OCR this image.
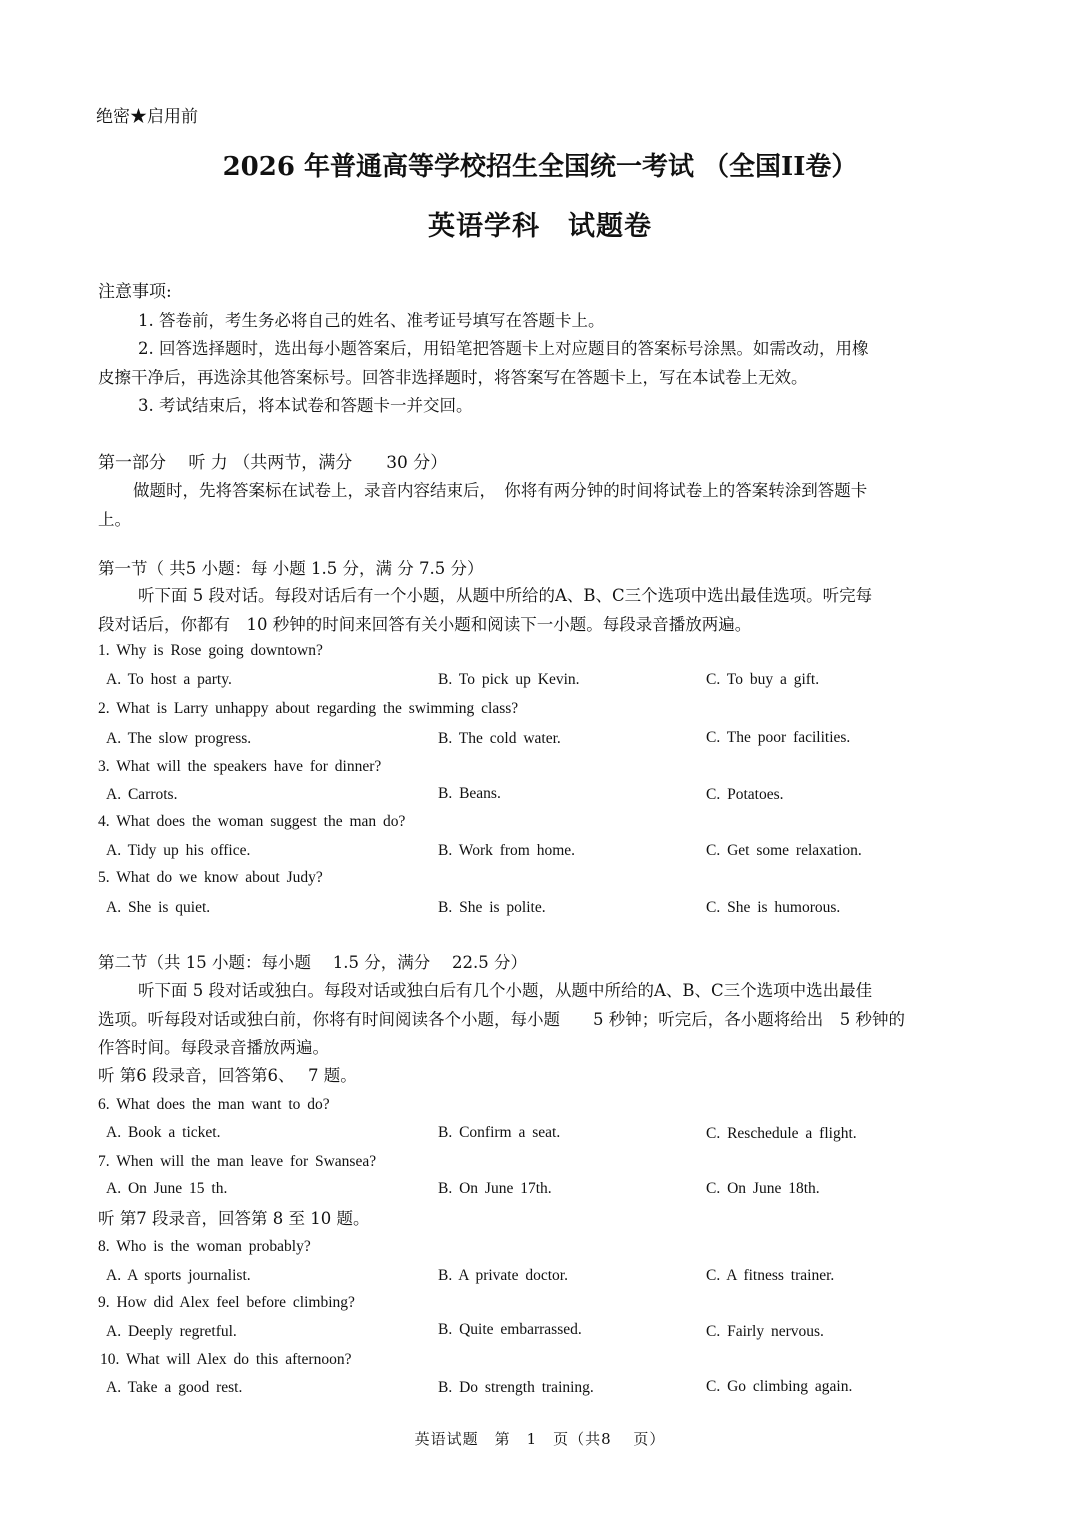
绝密★启用前
2026 年普通高等学校招生全国统一考试 （全国II卷）
英语学科　试题卷
注意事项:
1. 答卷前，考生务必将自己的姓名、准考证号填写在答题卡上。
2. 回答选择题时，选出每小题答案后，用铅笔把答题卡上对应题目的答案标号涂黑。如需改动，用橡
皮擦干净后，再选涂其他答案标号。回答非选择题时，将答案写在答题卡上，写在本试卷上无效。
3. 考试结束后，将本试卷和答题卡一并交回。
第一部分　 听 力 （共两节，满分　　30 分）
做题时，先将答案标在试卷上，录音内容结束后，　你将有两分钟的时间将试卷上的答案转涂到答题卡
上。
第一节（ 共5 小题：每 小题 1.5 分，满 分 7.5 分）
听下面 5 段对话。每段对话后有一个小题，从题中所给的A、B、C三个选项中选出最佳选项。听完每
段对话后，你都有　10 秒钟的时间来回答有关小题和阅读下一小题。每段录音播放两遍。
1. Why is Rose going downtown?
A. To host a party.	B. To pick up Kevin.	C. To buy a gift.
2. What is Larry unhappy about regarding the swimming class?
A. The slow progress.	B. The cold water.	C. The poor facilities.
3. What will the speakers have for dinner?
A. Carrots.	B. Beans.	C. Potatoes.
4. What does the woman suggest the man do?
A. Tidy up his office.	B. Work from home.	C. Get some relaxation.
5. What do we know about Judy?
A. She is quiet.	B. She is polite.	C. She is humorous.
第二节（共 15 小题：每小题　 1.5 分，满分　 22.5 分）
听下面 5 段对话或独白。每段对话或独白后有几个小题，从题中所给的A、B、C三个选项中选出最佳
选项。听每段对话或独白前，你将有时间阅读各个小题，每小题　　5 秒钟；听完后，各小题将给出　5 秒钟的
作答时间。每段录音播放两遍。
听 第6 段录音，回答第6、　 7 题。
6. What does the man want to do?
A. Book a ticket.	B. Confirm a seat.	C. Reschedule a flight.
7. When will the man leave for Swansea?
A. On June 15 th.	B. On June 17th.	C. On June 18th.
听 第7 段录音，回答第 8 至 10 题。
8. Who is the woman probably?
A. A sports journalist.	B. A private doctor.	C. A fitness trainer.
9. How did Alex feel before climbing?
A. Deeply regretful.	B. Quite embarrassed.	C. Fairly nervous.
10. What will Alex do this afternoon?
A. Take a good rest.	B. Do strength training.	C. Go climbing again.
英语试题　第　1　页（共8　 页）
